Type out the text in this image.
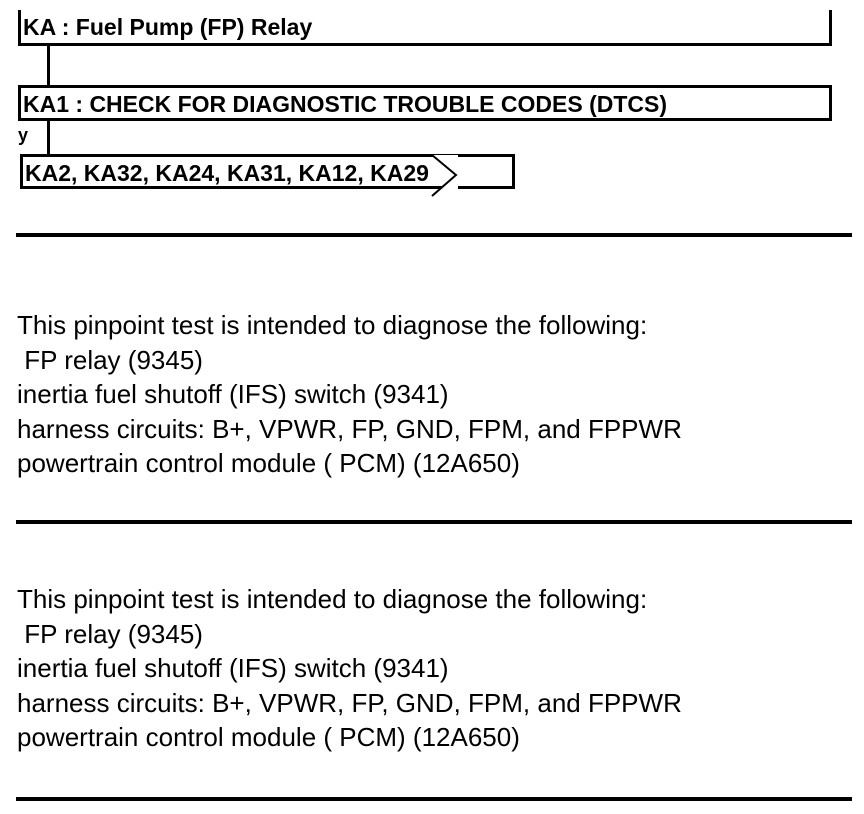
KA : Fuel Pump (FP) Relay
KA1 : CHECK FOR DIAGNOSTIC TROUBLE CODES (DTCS)
y
KA2, KA32, KA24, KA31, KA12, KA29
This pinpoint test is intended to diagnose the following:
FP relay (9345)
inertia fuel shutoff (IFS) switch (9341)
harness circuits: B+, VPWR, FP, GND, FPM, and FPPWR
powertrain control module ( PCM) (12A650)
This pinpoint test is intended to diagnose the following:
FP relay (9345)
inertia fuel shutoff (IFS) switch (9341)
harness circuits: B+, VPWR, FP, GND, FPM, and FPPWR
powertrain control module ( PCM) (12A650)
